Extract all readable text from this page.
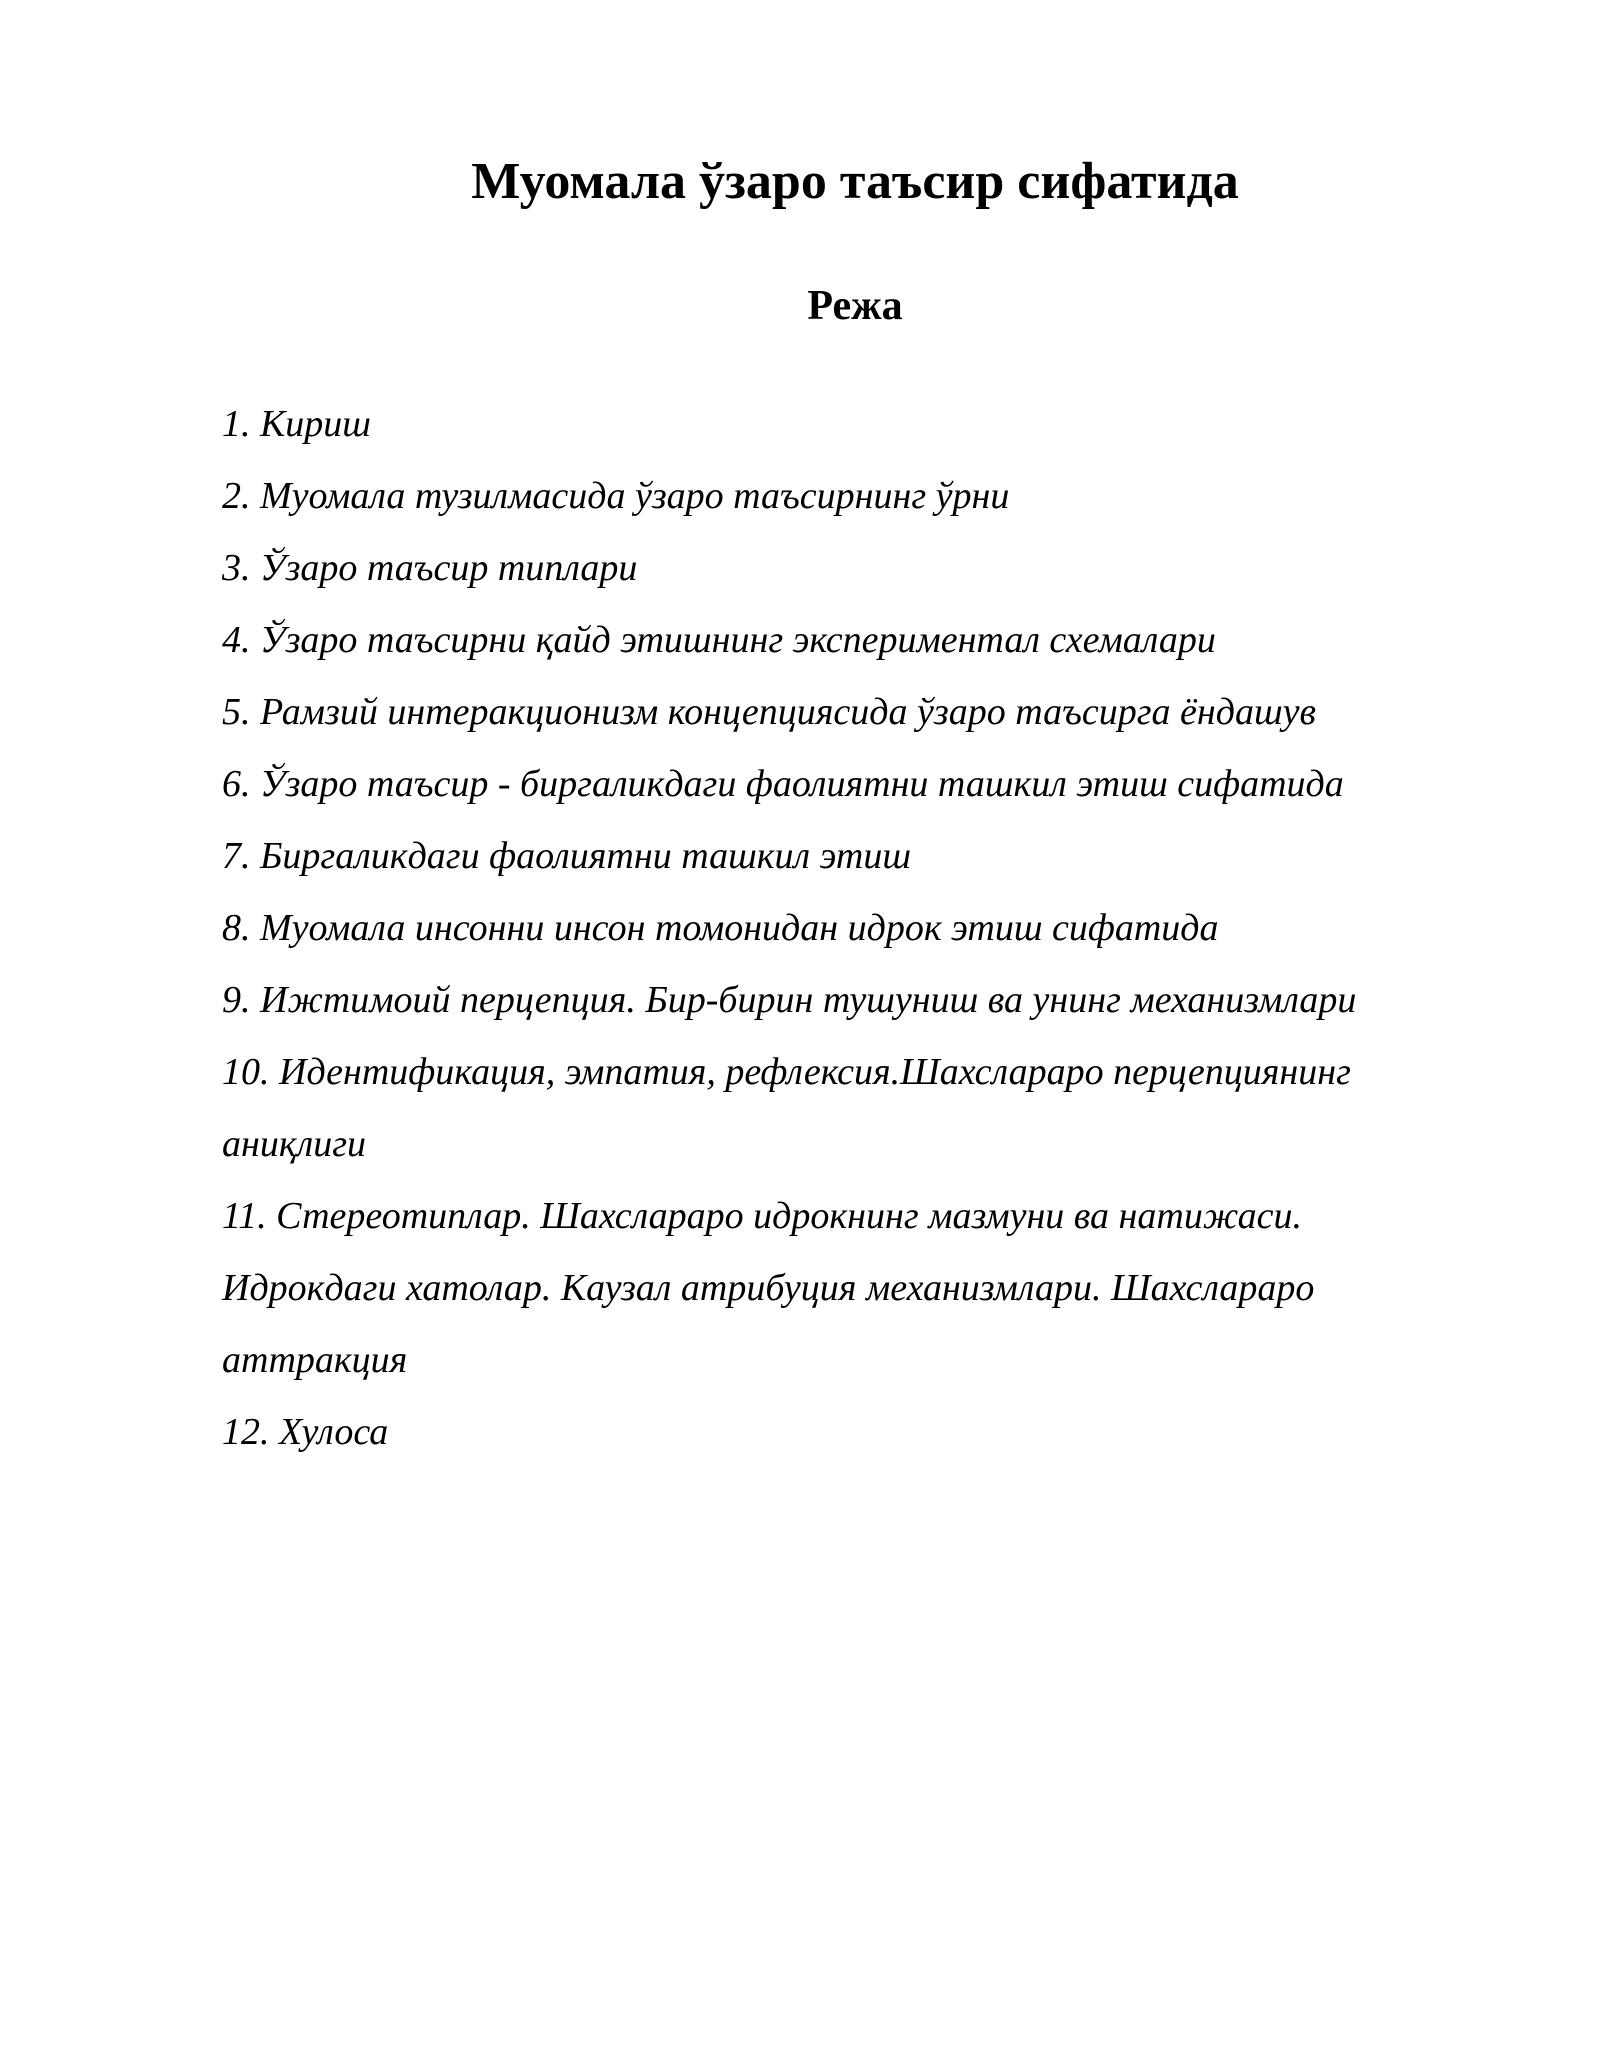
Муомала ўзаро таъсир сифатида
Режа
1. Кириш
2. Муомала тузилмасида ўзаро таъсирнинг ўрни
3. Ўзаро таъсир типлари
4. Ўзаро таъсирни қайд этишнинг экспериментал схемалари
5. Рамзий интеракционизм концепциясида ўзаро таъсирга ёндашув
6. Ўзаро таъсир - биргаликдаги фаолиятни ташкил этиш сифатида
7. Биргаликдаги фаолиятни ташкил этиш
8. Муомала инсонни инсон томонидан идрок этиш сифатида
9. Ижтимоий перцепция. Бир-бирин тушуниш ва унинг механизмлари
10. Идентификация, эмпатия, рефлексия.Шахслараро перцепциянинг аниқлиги
11. Стереотиплар. Шахслараро идрокнинг мазмуни ва натижаси. Идрокдаги хатолар. Каузал атрибуция механизмлари. Шахслараро аттракция
12. Хулоса
